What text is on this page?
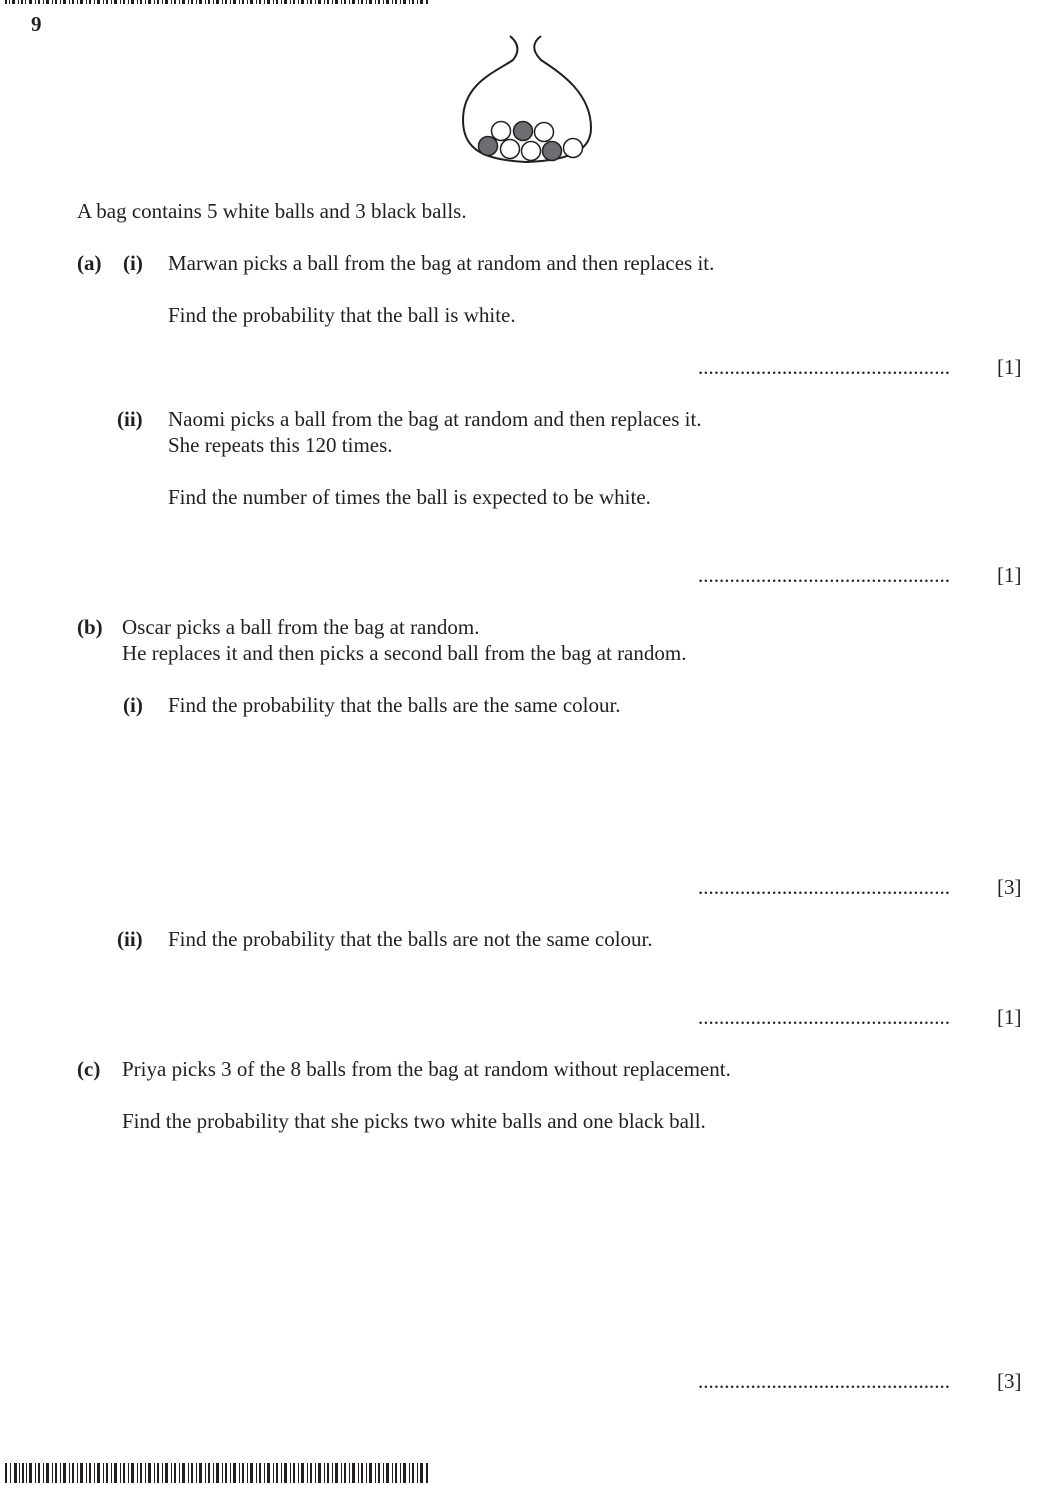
9
A bag contains 5 white balls and 3 black balls.
(a) (i) Marwan picks a ball from the bag at random and then replaces it.
Find the probability that the ball is white.
................................................ [1]
(ii) Naomi picks a ball from the bag at random and then replaces it.
She repeats this 120 times.
Find the number of times the ball is expected to be white.
................................................ [1]
(b) Oscar picks a ball from the bag at random.
He replaces it and then picks a second ball from the bag at random.
(i) Find the probability that the balls are the same colour.
................................................ [3]
(ii) Find the probability that the balls are not the same colour.
................................................ [1]
(c) Priya picks 3 of the 8 balls from the bag at random without replacement.
Find the probability that she picks two white balls and one black ball.
................................................ [3]
